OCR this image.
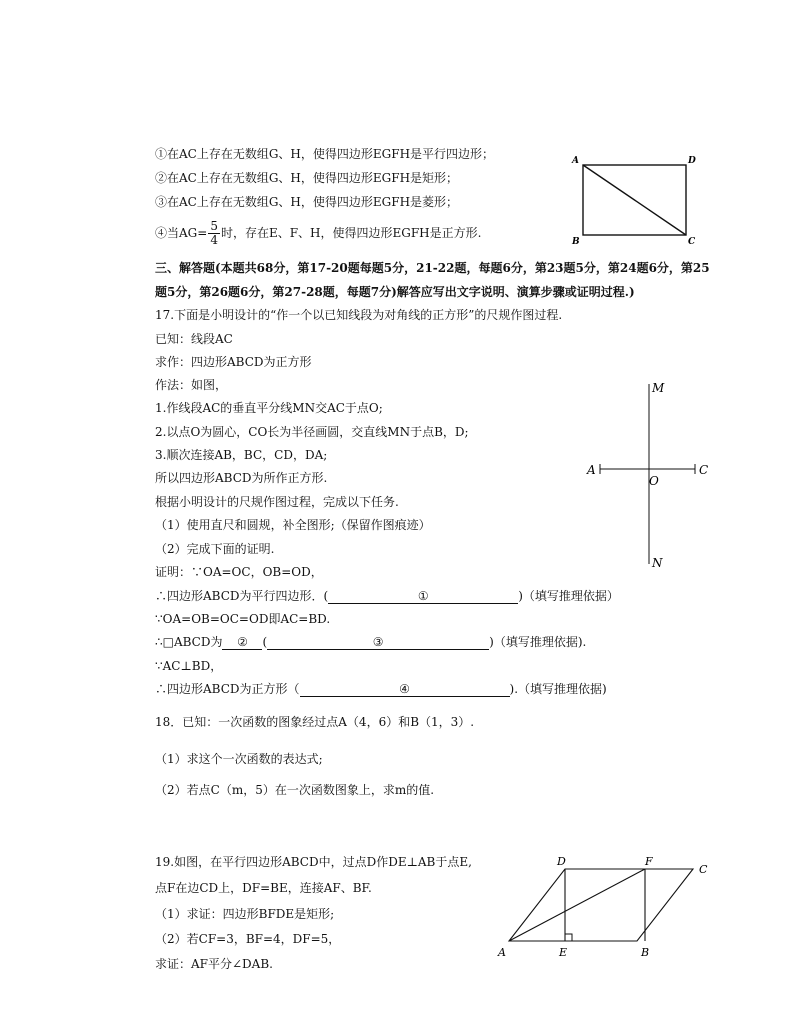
①在AC上存在无数组G、H，使得四边形EGFH是平行四边形；
②在AC上存在无数组G、H，使得四边形EGFH是矩形；
③在AC上存在无数组G、H，使得四边形EGFH是菱形；
④当$AG= \frac{5}{4}$ 时，存在E、F、H，使得四边形EGFH是正方形.
A	D
B	C
三、解答题(本题共68分，第17-20题每题5分，21-22题，每题6分，第23题5分，第24题6分，第25
题5分，第26题6分，第27-28题，每题7分)解答应写出文字说明、演算步骤或证明过程.)
17.下面是小明设计的“作一个以已知线段为对角线的正方形”的尺规作图过程.
已知：线段AC
求作：四边形ABCD为正方形
作法：如图，
1.作线段AC的垂直平分线MN交AC于点O;
2.以点O为圆心，CO长为半径画圆，交直线MN于点B，D;
3.顺次连接AB，BC，CD，DA;
所以四边形ABCD为所作正方形.
根据小明设计的尺规作图过程，完成以下任务.
（1）使用直尺和圆规，补全图形;（保留作图痕迹）
（2）完成下面的证明.
证明：∵OA=OC，OB=OD，
∴四边形ABCD为平行四边形．(	①	)（填写推理依据）
∵OA=OB=OC=OD即AC=BD.
∴□ABCD为 ② (	③	)（填写推理依据).
∵AC⊥BD，
∴四边形ABCD为正方形（	④	).（填写推理依据)
M
N
A	C
O
18．已知：一次函数的图象经过点A（4，6）和B（1，3）.
（1）求这个一次函数的表达式;
（2）若点C（m，5）在一次函数图象上，求m的值.
19.如图，在平行四边形ABCD中，过点D作DE⊥AB于点E,
点F在边CD上，DF=BE，连接AF、BF.
（1）求证：四边形BFDE是矩形;
（2）若CF=3，BF=4，DF=5，
求证：AF平分∠DAB.
D	F
C
A	E	B
